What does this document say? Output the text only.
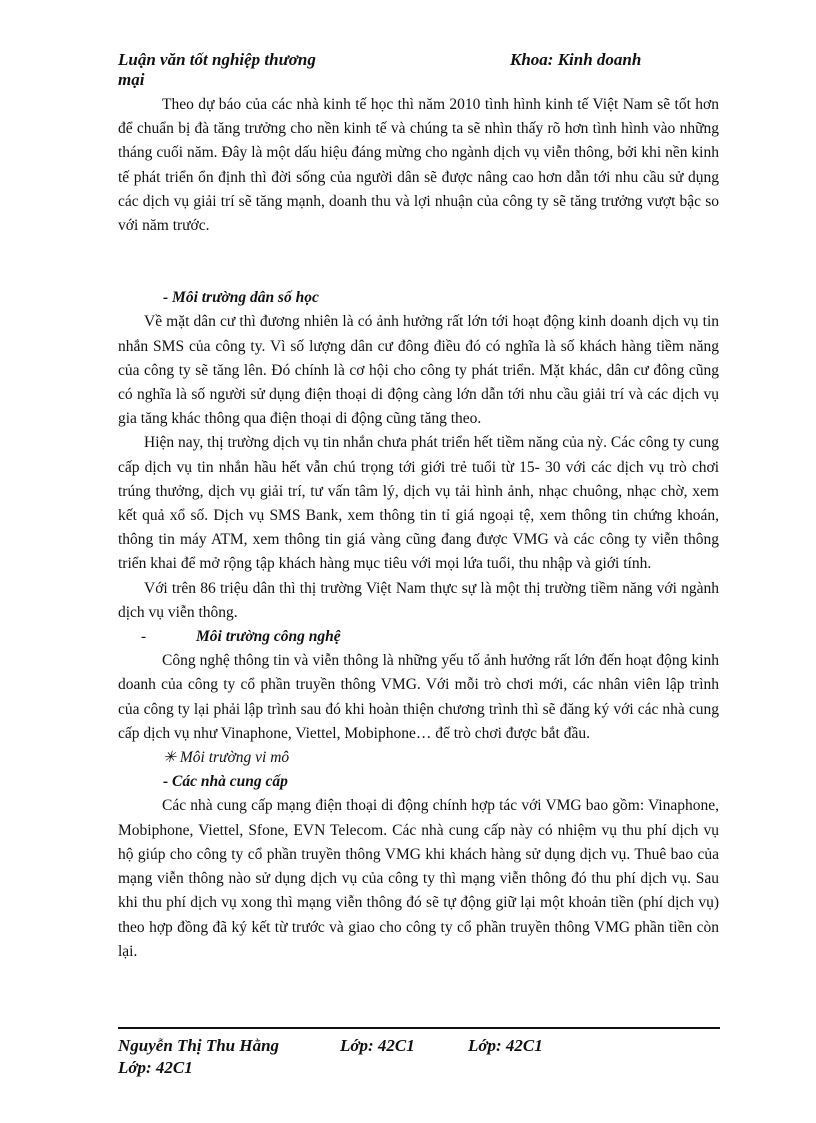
Luận văn tốt nghiệp thương mại
Khoa: Kinh doanh

Theo dự báo của các nhà kinh tế học thì năm 2010 tình hình kinh tế Việt Nam sẽ tốt hơn để chuẩn bị đà tăng trưởng cho nền kinh tế và chúng ta sẽ nhìn thấy rõ hơn tình hình vào những tháng cuối năm. Đây là một dấu hiệu đáng mừng cho ngành dịch vụ viễn thông, bởi khi nền kinh tế phát triển ổn định thì đời sống của người dân sẽ được nâng cao hơn dẫn tới nhu cầu sử dụng các dịch vụ giải trí sẽ tăng mạnh, doanh thu và lợi nhuận của công ty sẽ tăng trưởng vượt bậc so với năm trước.

- Môi trường dân số học

Về mặt dân cư thì đương nhiên là có ảnh hưởng rất lớn tới hoạt động kinh doanh dịch vụ tin nhắn SMS của công ty. Vì số lượng dân cư đông điều đó có nghĩa là số khách hàng tiềm năng của công ty sẽ tăng lên. Đó chính là cơ hội cho công ty phát triển. Mặt khác, dân cư đông cũng có nghĩa là số người sử dụng điện thoại di động càng lớn dẫn tới nhu cầu giải trí và các dịch vụ gia tăng khác thông qua điện thoại di động cũng tăng theo.

Hiện nay, thị trường dịch vụ tin nhắn chưa phát triển hết tiềm năng của nỳ. Các công ty cung cấp dịch vụ tin nhắn hầu hết vẫn chú trọng tới giới trẻ tuổi từ 15- 30 với các dịch vụ trò chơi trúng thưởng, dịch vụ giải trí, tư vấn tâm lý, dịch vụ tải hình ảnh, nhạc chuông, nhạc chờ, xem kết quả xổ số. Dịch vụ SMS Bank, xem thông tin tỉ giá ngoại tệ, xem thông tin chứng khoán, thông tin máy ATM, xem thông tin giá vàng cũng đang được VMG và các công ty viễn thông triển khai để mở rộng tập khách hàng mục tiêu với mọi lứa tuổi, thu nhập và giới tính.

Với trên 86 triệu dân thì thị trường Việt Nam thực sự là một thị trường tiềm năng với ngành dịch vụ viễn thông.

-	Môi trường công nghệ

Công nghệ thông tin và viễn thông là những yếu tố ảnh hưởng rất lớn đến hoạt động kinh doanh của công ty cổ phần truyền thông VMG. Với mỗi trò chơi mới, các nhân viên lập trình của công ty lại phải lập trình sau đó khi hoàn thiện chương trình thì sẽ đăng ký với các nhà cung cấp dịch vụ như Vinaphone, Viettel, Mobiphone… để trò chơi được bắt đầu.

✳ Môi trường vi mô

- Các nhà cung cấp

Các nhà cung cấp mạng điện thoại di động chính hợp tác với VMG bao gồm: Vinaphone, Mobiphone, Viettel, Sfone, EVN Telecom. Các nhà cung cấp này có nhiệm vụ thu phí dịch vụ hộ giúp cho công ty cổ phần truyền thông VMG khi khách hàng sử dụng dịch vụ. Thuê bao của mạng viễn thông nào sử dụng dịch vụ của công ty thì mạng viễn thông đó thu phí dịch vụ. Sau khi thu phí dịch vụ xong thì mạng viễn thông đó sẽ tự động giữ lại một khoản tiền (phí dịch vụ) theo hợp đồng đã ký kết từ trước và giao cho công ty cổ phần truyền thông VMG phần tiền còn lại.

Nguyễn Thị Thu Hằng	Lớp: 42C1	Lớp: 42C1
Lớp: 42C1
